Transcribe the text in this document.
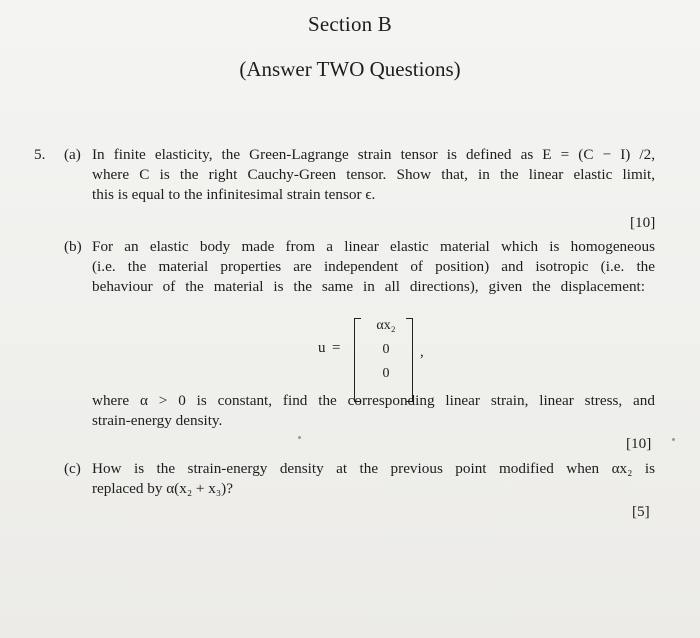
Section B
(Answer TWO Questions)
5. (a) In finite elasticity, the Green-Lagrange strain tensor is defined as E = (C − I) /2,
where C is the right Cauchy-Green tensor. Show that, in the linear elastic limit,
this is equal to the infinitesimal strain tensor ϵ.
[10]
(b) For an elastic body made from a linear elastic material which is homogeneous
(i.e. the material properties are independent of position) and isotropic (i.e. the
behaviour of the material is the same in all directions), given the displacement:
u =
αx₂
0
0
,
where α > 0 is constant, find the corresponding linear strain, linear stress, and
strain-energy density.
[10]
(c) How is the strain-energy density at the previous point modified when αx₂ is
replaced by α(x₂ + x₃)?
[5]
